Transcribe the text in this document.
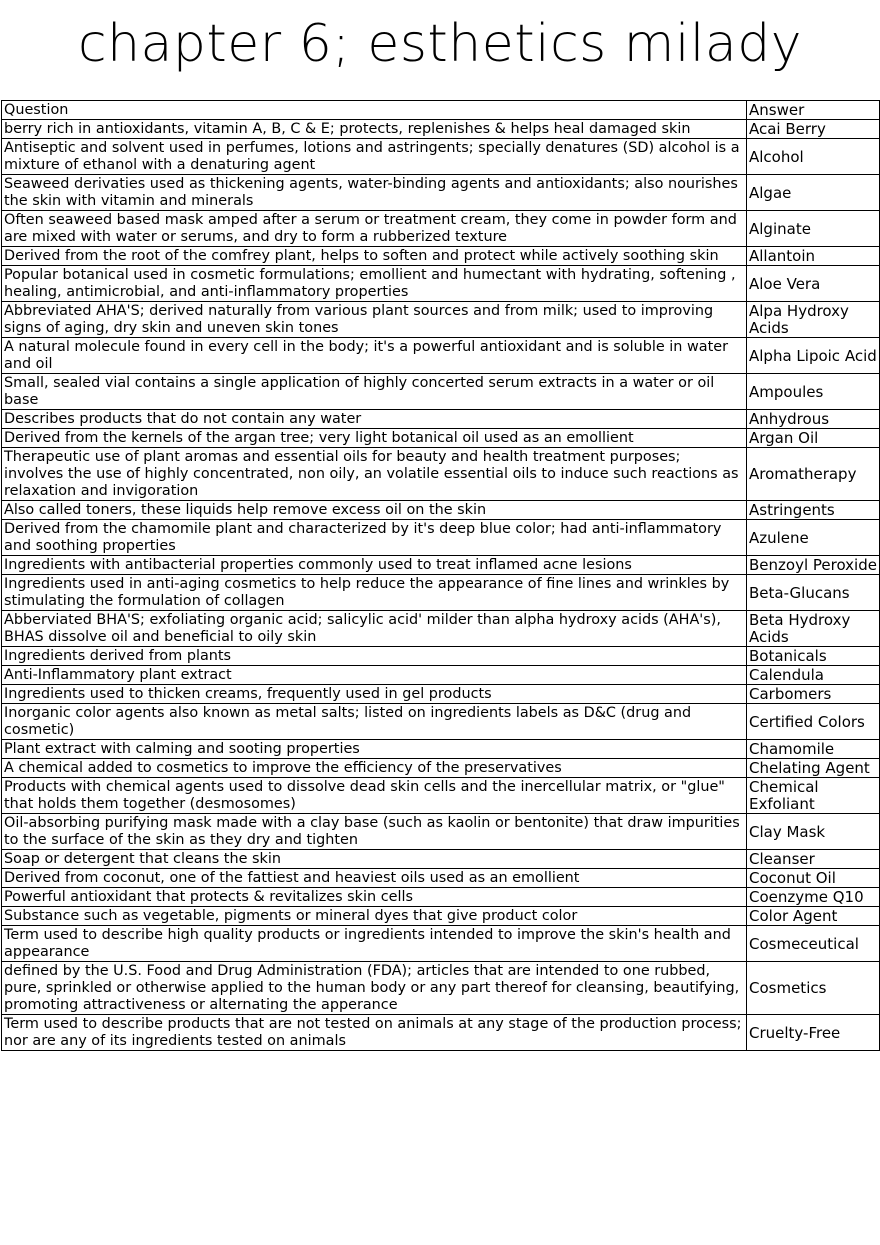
chapter 6; esthetics milady
Question	Answer
berry rich in antioxidants, vitamin A, B, C & E; protects, replenishes & helps heal damaged skin	Acai Berry
Antiseptic and solvent used in perfumes, lotions and astringents; specially denatures (SD) alcohol is a mixture of ethanol with a denaturing agent	Alcohol
Seaweed derivaties used as thickening agents, water-binding agents and antioxidants; also nourishes the skin with vitamin and minerals	Algae
Often seaweed based mask amped after a serum or treatment cream, they come in powder form and are mixed with water or serums, and dry to form a rubberized texture	Alginate
Derived from the root of the comfrey plant, helps to soften and protect while actively soothing skin	Allantoin
Popular botanical used in cosmetic formulations; emollient and humectant with hydrating, softening , healing, antimicrobial, and anti-inflammatory properties	Aloe Vera
Abbreviated AHA'S; derived naturally from various plant sources and from milk; used to improving signs of aging, dry skin and uneven skin tones	Alpa Hydroxy Acids
A natural molecule found in every cell in the body; it's a powerful antioxidant and is soluble in water and oil	Alpha Lipoic Acid
Small, sealed vial contains a single application of highly concerted serum extracts in a water or oil base	Ampoules
Describes products that do not contain any water	Anhydrous
Derived from the kernels of the argan tree; very light botanical oil used as an emollient	Argan Oil
Therapeutic use of plant aromas and essential oils for beauty and health treatment purposes; involves the use of highly concentrated, non oily, an volatile essential oils to induce such reactions as relaxation and invigoration	Aromatherapy
Also called toners, these liquids help remove excess oil on the skin	Astringents
Derived from the chamomile plant and characterized by it's deep blue color; had anti-inflammatory and soothing properties	Azulene
Ingredients with antibacterial properties commonly used to treat inflamed acne lesions	Benzoyl Peroxide
Ingredients used in anti-aging cosmetics to help reduce the appearance of fine lines and wrinkles by stimulating the formulation of collagen	Beta-Glucans
Abberviated BHA'S; exfoliating organic acid; salicylic acid' milder than alpha hydroxy acids (AHA's), BHAS dissolve oil and beneficial to oily skin	Beta Hydroxy Acids
Ingredients derived from plants	Botanicals
Anti-Inflammatory plant extract	Calendula
Ingredients used to thicken creams, frequently used in gel products	Carbomers
Inorganic color agents also known as metal salts; listed on ingredients labels as D&C (drug and cosmetic)	Certified Colors
Plant extract with calming and sooting properties	Chamomile
A chemical added to cosmetics to improve the efficiency of the preservatives	Chelating Agent
Products with chemical agents used to dissolve dead skin cells and the inercellular matrix, or "glue" that holds them together (desmosomes)	Chemical Exfoliant
Oil-absorbing purifying mask made with a clay base (such as kaolin or bentonite) that draw impurities to the surface of the skin as they dry and tighten	Clay Mask
Soap or detergent that cleans the skin	Cleanser
Derived from coconut, one of the fattiest and heaviest oils used as an emollient	Coconut Oil
Powerful antioxidant that protects & revitalizes skin cells	Coenzyme Q10
Substance such as vegetable, pigments or mineral dyes that give product color	Color Agent
Term used to describe high quality products or ingredients intended to improve the skin's health and appearance	Cosmeceutical
defined by the U.S. Food and Drug Administration (FDA); articles that are intended to one rubbed, pure, sprinkled or otherwise applied to the human body or any part thereof for cleansing, beautifying, promoting attractiveness or alternating the apperance	Cosmetics
Term used to describe products that are not tested on animals at any stage of the production process; nor are any of its ingredients tested on animals	Cruelty-Free
